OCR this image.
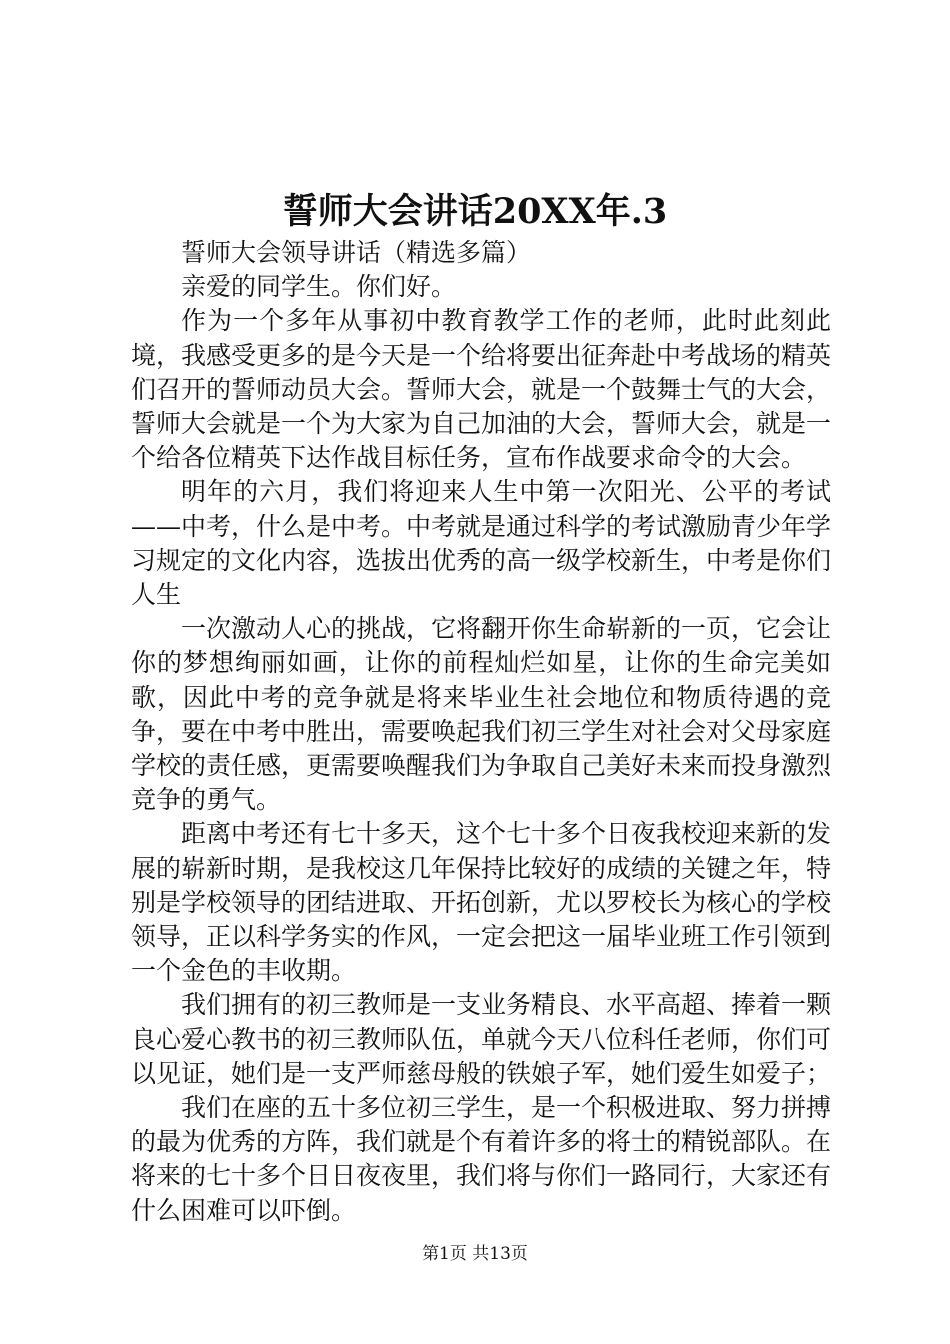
誓师大会讲话20XX年.3

誓师大会领导讲话（精选多篇）

亲爱的同学生。你们好。

作为一个多年从事初中教育教学工作的老师，此时此刻此境，我感受更多的是今天是一个给将要出征奔赴中考战场的精英们召开的誓师动员大会。誓师大会，就是一个鼓舞士气的大会，誓师大会就是一个为大家为自己加油的大会，誓师大会，就是一个给各位精英下达作战目标任务，宣布作战要求命令的大会。

明年的六月，我们将迎来人生中第一次阳光、公平的考试——中考，什么是中考。中考就是通过科学的考试激励青少年学习规定的文化内容，选拔出优秀的高一级学校新生，中考是你们人生

一次激动人心的挑战，它将翻开你生命崭新的一页，它会让你的梦想绚丽如画，让你的前程灿烂如星，让你的生命完美如歌，因此中考的竞争就是将来毕业生社会地位和物质待遇的竞争，要在中考中胜出，需要唤起我们初三学生对社会对父母家庭学校的责任感，更需要唤醒我们为争取自己美好未来而投身激烈竞争的勇气。

距离中考还有七十多天，这个七十多个日夜我校迎来新的发展的崭新时期，是我校这几年保持比较好的成绩的关键之年，特别是学校领导的团结进取、开拓创新，尤以罗校长为核心的学校领导，正以科学务实的作风，一定会把这一届毕业班工作引领到一个金色的丰收期。

我们拥有的初三教师是一支业务精良、水平高超、捧着一颗良心爱心教书的初三教师队伍，单就今天八位科任老师，你们可以见证，她们是一支严师慈母般的铁娘子军，她们爱生如爱子；

我们在座的五十多位初三学生，是一个积极进取、努力拼搏的最为优秀的方阵，我们就是个有着许多的将士的精锐部队。在将来的七十多个日日夜夜里，我们将与你们一路同行，大家还有什么困难可以吓倒。

第1页 共13页
